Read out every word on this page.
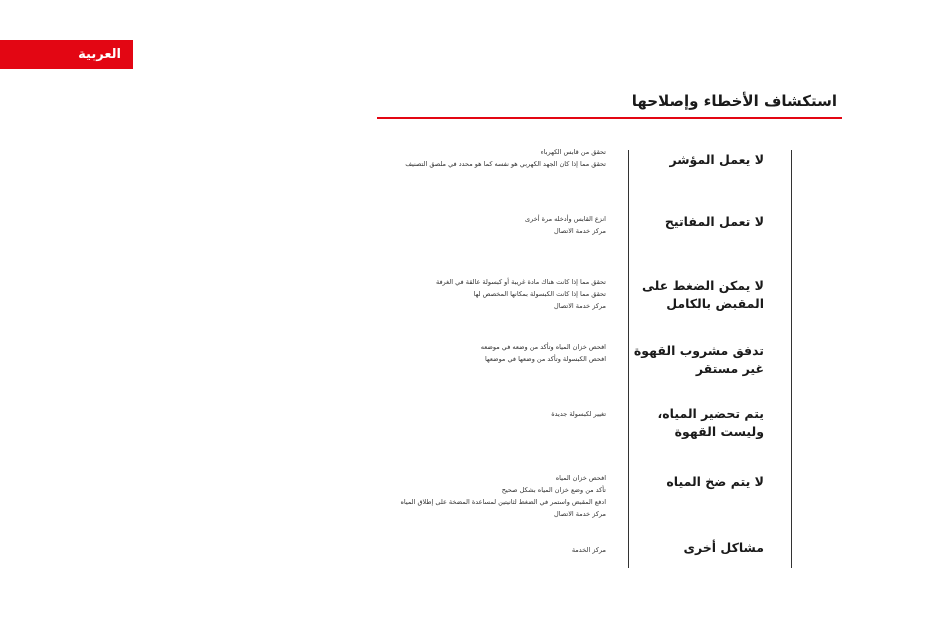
العربية
استكشاف الأخطاء وإصلاحها
لا يعمل المؤشر
تحقق من قابس الكهرباء
تحقق مما إذا كان الجهد الكهربي هو نفسه كما هو محدد في ملصق التصنيف
لا تعمل المفاتيح
انزع القابس وأدخله مرة أخرى
مركز خدمة الاتصال
لا يمكن الضغط على المقبض بالكامل
تحقق مما إذا كانت هناك مادة غريبة أو كبسولة عالقة في الغرفة
تحقق مما إذا كانت الكبسولة بمكانها المخصص لها
مركز خدمة الاتصال
تدفق مشروب القهوة غير مستقر
افحص خزان المياه وتأكد من وضعه في موضعه
افحص الكبسولة وتأكد من وضعها في موضعها
يتم تحضير المياه، وليست القهوة
تغيير لكبسولة جديدة
لا يتم ضخ المياه
افحص خزان المياه
تأكد من وضع خزان المياه بشكل صحيح
ادفع المقبض واستمر في الضغط لثانيتين لمساعدة المضخة على إطلاق المياه
مركز خدمة الاتصال
مشاكل أخرى
مركز الخدمة
